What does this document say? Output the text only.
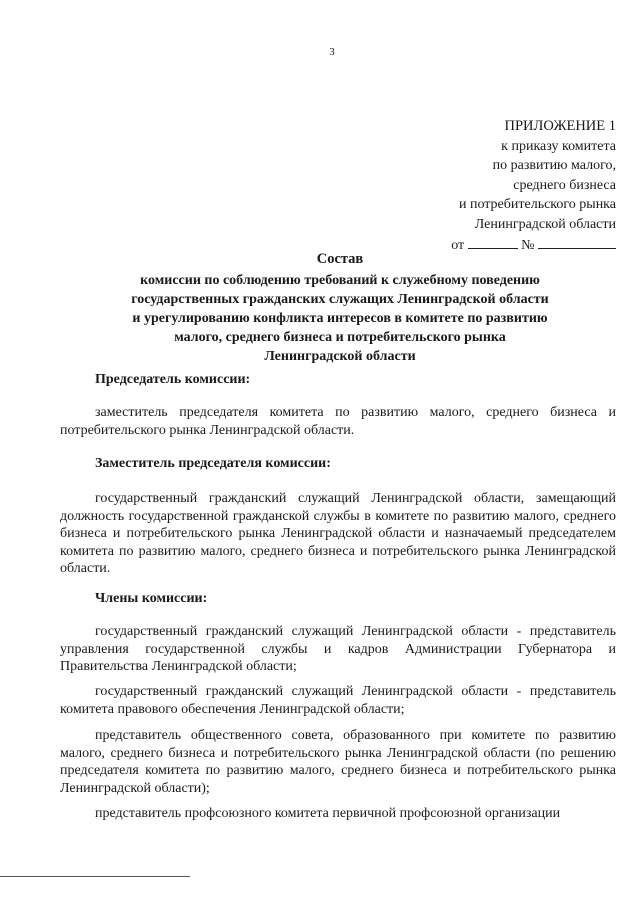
3
ПРИЛОЖЕНИЕ 1
к приказу комитета
по развитию малого,
среднего бизнеса
и потребительского рынка
Ленинградской области
от	№
Состав
комиссии по соблюдению требований к служебному поведению
государственных гражданских служащих Ленинградской области
и урегулированию конфликта интересов в комитете по развитию
малого, среднего бизнеса и потребительского рынка
Ленинградской области
Председатель комиссии:
заместитель председателя комитета по развитию малого, среднего бизнеса и потребительского рынка Ленинградской области.
Заместитель председателя комиссии:
государственный гражданский служащий Ленинградской области, замещающий должность государственной гражданской службы в комитете по развитию малого, среднего бизнеса и потребительского рынка Ленинградской области и назначаемый председателем комитета по развитию малого, среднего бизнеса и потребительского рынка Ленинградской области.
Члены комиссии:
государственный гражданский служащий Ленинградской области - представитель управления государственной службы и кадров Администрации Губернатора и Правительства Ленинградской области;
государственный гражданский служащий Ленинградской области - представитель комитета правового обеспечения Ленинградской области;
представитель общественного совета, образованного при комитете по развитию малого, среднего бизнеса и потребительского рынка Ленинградской области (по решению председателя комитета по развитию малого, среднего бизнеса и потребительского рынка Ленинградской области);
представитель профсоюзного комитета первичной профсоюзной организации
